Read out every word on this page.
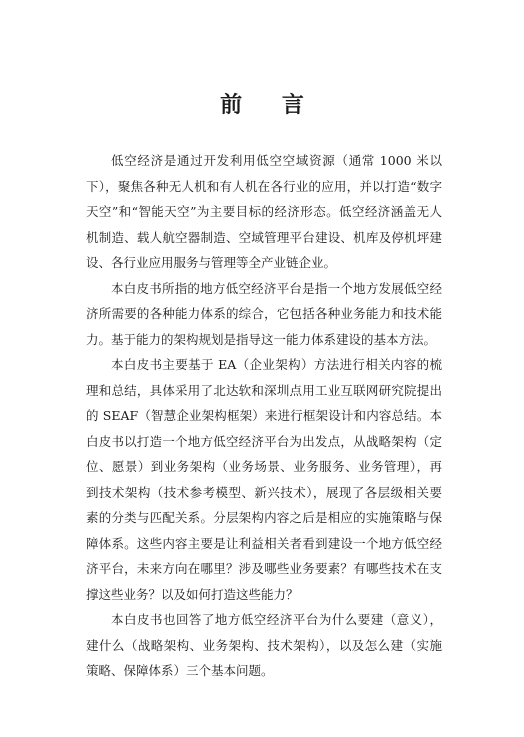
前 言

低空经济是通过开发利用低空空域资源（通常 1000 米以下），聚焦各种无人机和有人机在各行业的应用，并以打造“数字天空”和“智能天空”为主要目标的经济形态。低空经济涵盖无人机制造、载人航空器制造、空域管理平台建设、机库及停机坪建设、各行业应用服务与管理等全产业链企业。

本白皮书所指的地方低空经济平台是指一个地方发展低空经济所需要的各种能力体系的综合，它包括各种业务能力和技术能力。基于能力的架构规划是指导这一能力体系建设的基本方法。

本白皮书主要基于 EA（企业架构）方法进行相关内容的梳理和总结，具体采用了北达软和深圳点用工业互联网研究院提出的 SEAF（智慧企业架构框架）来进行框架设计和内容总结。本白皮书以打造一个地方低空经济平台为出发点，从战略架构（定位、愿景）到业务架构（业务场景、业务服务、业务管理），再到技术架构（技术参考模型、新兴技术），展现了各层级相关要素的分类与匹配关系。分层架构内容之后是相应的实施策略与保障体系。这些内容主要是让利益相关者看到建设一个地方低空经济平台，未来方向在哪里？涉及哪些业务要素？有哪些技术在支撑这些业务？以及如何打造这些能力？

本白皮书也回答了地方低空经济平台为什么要建（意义），建什么（战略架构、业务架构、技术架构），以及怎么建（实施策略、保障体系）三个基本问题。
